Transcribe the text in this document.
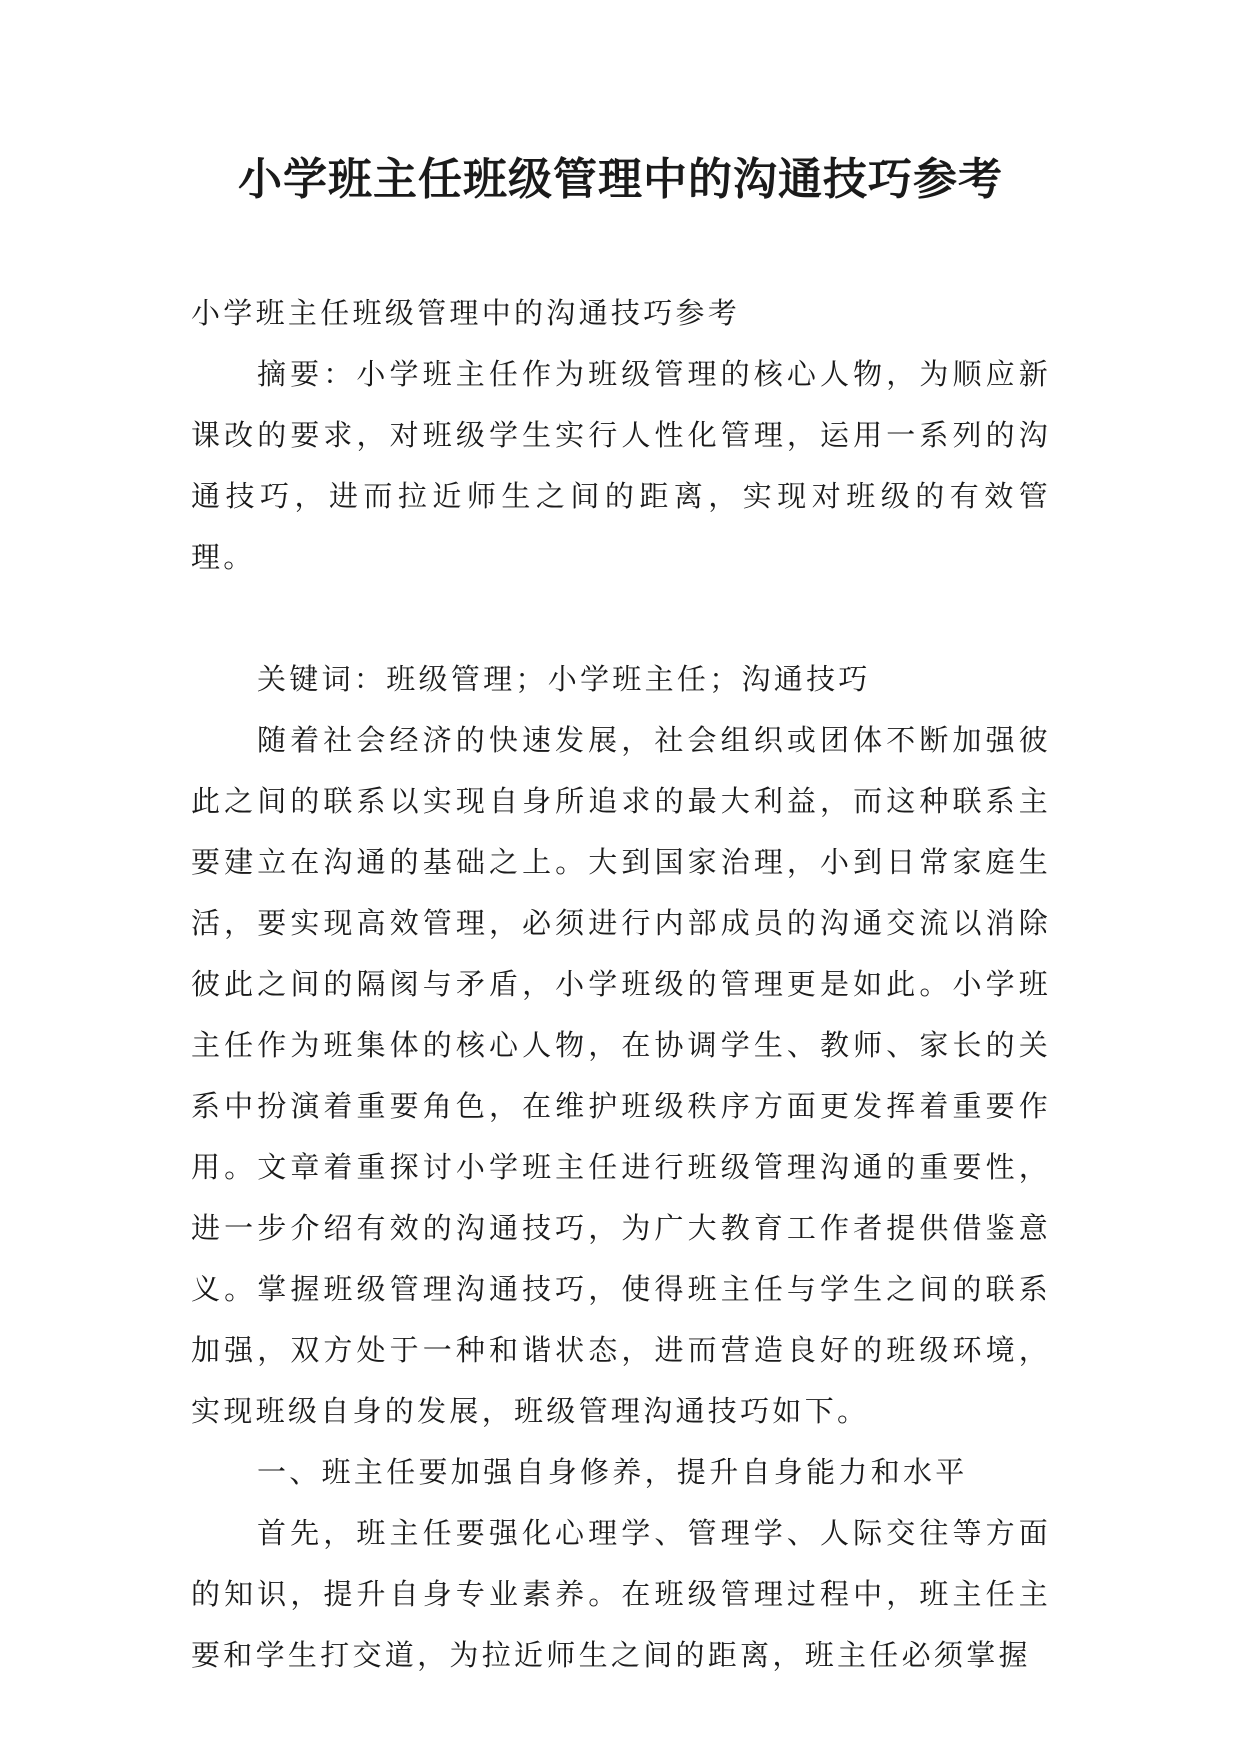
小学班主任班级管理中的沟通技巧参考

小学班主任班级管理中的沟通技巧参考

摘要：小学班主任作为班级管理的核心人物，为顺应新课改的要求，对班级学生实行人性化管理，运用一系列的沟通技巧，进而拉近师生之间的距离，实现对班级的有效管理。

关键词：班级管理；小学班主任；沟通技巧

随着社会经济的快速发展，社会组织或团体不断加强彼此之间的联系以实现自身所追求的最大利益，而这种联系主要建立在沟通的基础之上。大到国家治理，小到日常家庭生活，要实现高效管理，必须进行内部成员的沟通交流以消除彼此之间的隔阂与矛盾，小学班级的管理更是如此。小学班主任作为班集体的核心人物，在协调学生、教师、家长的关系中扮演着重要角色，在维护班级秩序方面更发挥着重要作用。文章着重探讨小学班主任进行班级管理沟通的重要性，进一步介绍有效的沟通技巧，为广大教育工作者提供借鉴意义。掌握班级管理沟通技巧，使得班主任与学生之间的联系加强，双方处于一种和谐状态，进而营造良好的班级环境，实现班级自身的发展，班级管理沟通技巧如下。

一、班主任要加强自身修养，提升自身能力和水平

首先，班主任要强化心理学、管理学、人际交往等方面的知识，提升自身专业素养。在班级管理过程中，班主任主要和学生打交道，为拉近师生之间的距离，班主任必须掌握
